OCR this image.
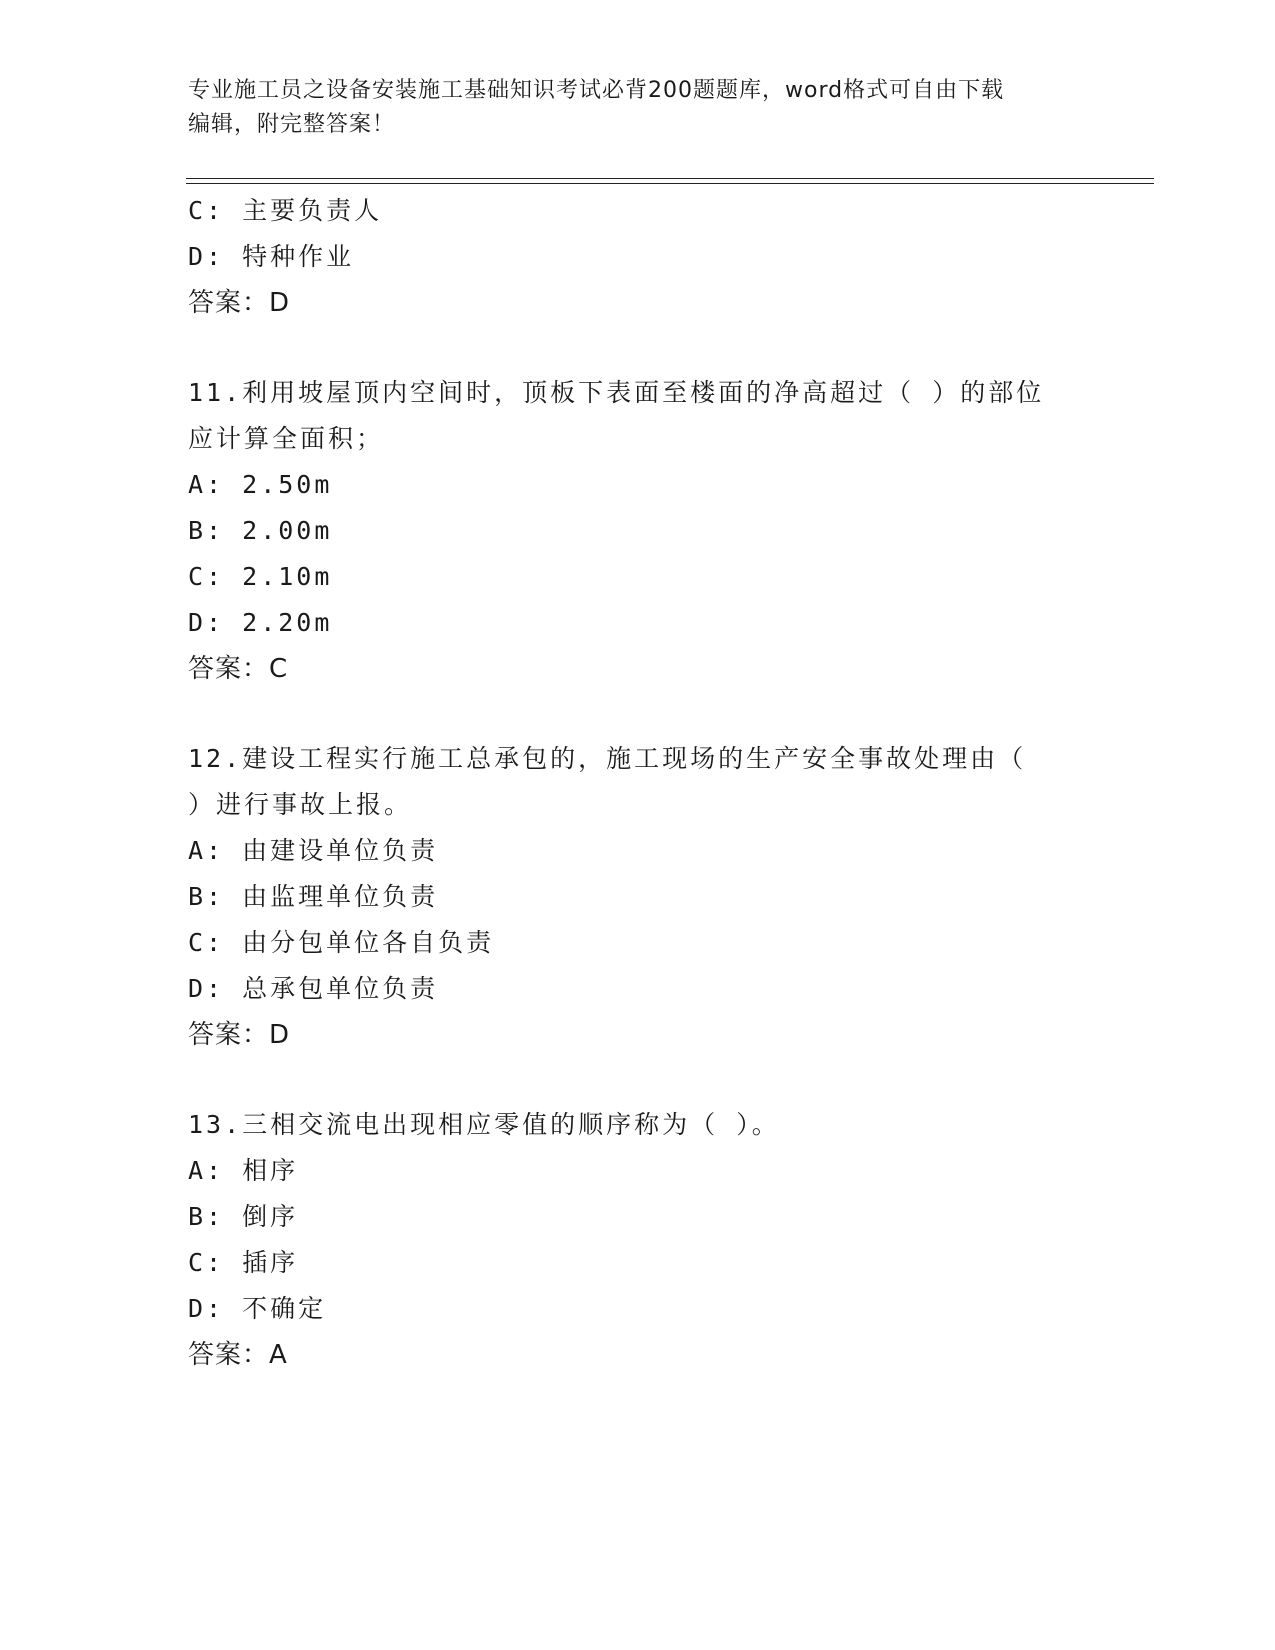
专业施工员之设备安装施工基础知识考试必背200题题库，word格式可自由下载
编辑，附完整答案！
C: 主要负责人
D: 特种作业
答案：D
11.利用坡屋顶内空间时，顶板下表面至楼面的净高超过（ ）的部位
应计算全面积；
A: 2.50m
B: 2.00m
C: 2.10m
D: 2.20m
答案：C
12.建设工程实行施工总承包的，施工现场的生产安全事故处理由（
）进行事故上报。
A: 由建设单位负责
B: 由监理单位负责
C: 由分包单位各自负责
D: 总承包单位负责
答案：D
13.三相交流电出现相应零值的顺序称为（ ）。
A: 相序
B: 倒序
C: 插序
D: 不确定
答案：A
